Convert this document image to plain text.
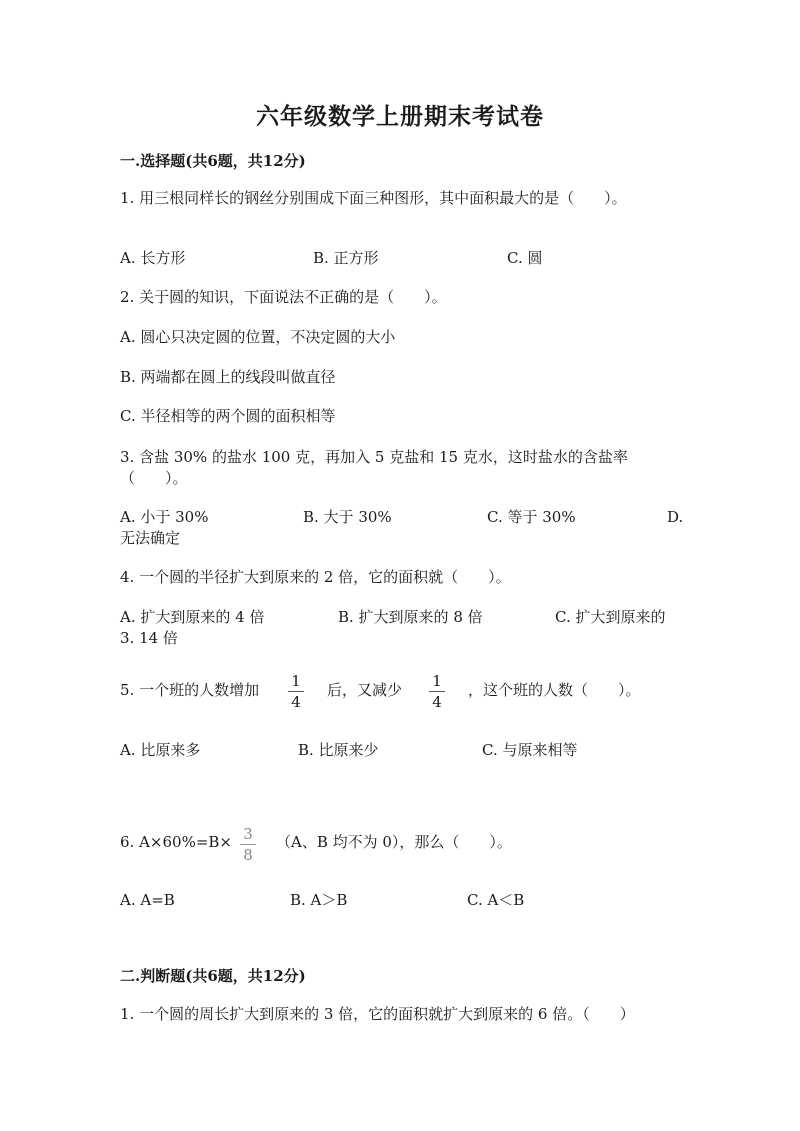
六年级数学上册期末考试卷
一.选择题(共6题，共12分)
1. 用三根同样长的钢丝分别围成下面三种图形，其中面积最大的是（　　）。
A. 长方形	B. 正方形	C. 圆
2. 关于圆的知识，下面说法不正确的是（　　）。
A. 圆心只决定圆的位置，不决定圆的大小
B. 两端都在圆上的线段叫做直径
C. 半径相等的两个圆的面积相等
3. 含盐 30% 的盐水 100 克，再加入 5 克盐和 15 克水，这时盐水的含盐率
（　　）。
A. 小于 30%	B. 大于 30%	C. 等于 30%	D.
无法确定
4. 一个圆的半径扩大到原来的 2 倍，它的面积就（　　）。
A. 扩大到原来的 4 倍	B. 扩大到原来的 8 倍	C. 扩大到原来的
3. 14 倍
5. 一个班的人数增加 1
4
后，又减少 1
4
，这个班的人数（　　）。
A. 比原来多	B. 比原来少	C. 与原来相等
6. A×60%=B× 3
8
（A、B 均不为 0），那么（　　）。
A. A=B	B. A＞B	C. A＜B
二.判断题(共6题，共12分)
1. 一个圆的周长扩大到原来的 3 倍，它的面积就扩大到原来的 6 倍。（　　）
